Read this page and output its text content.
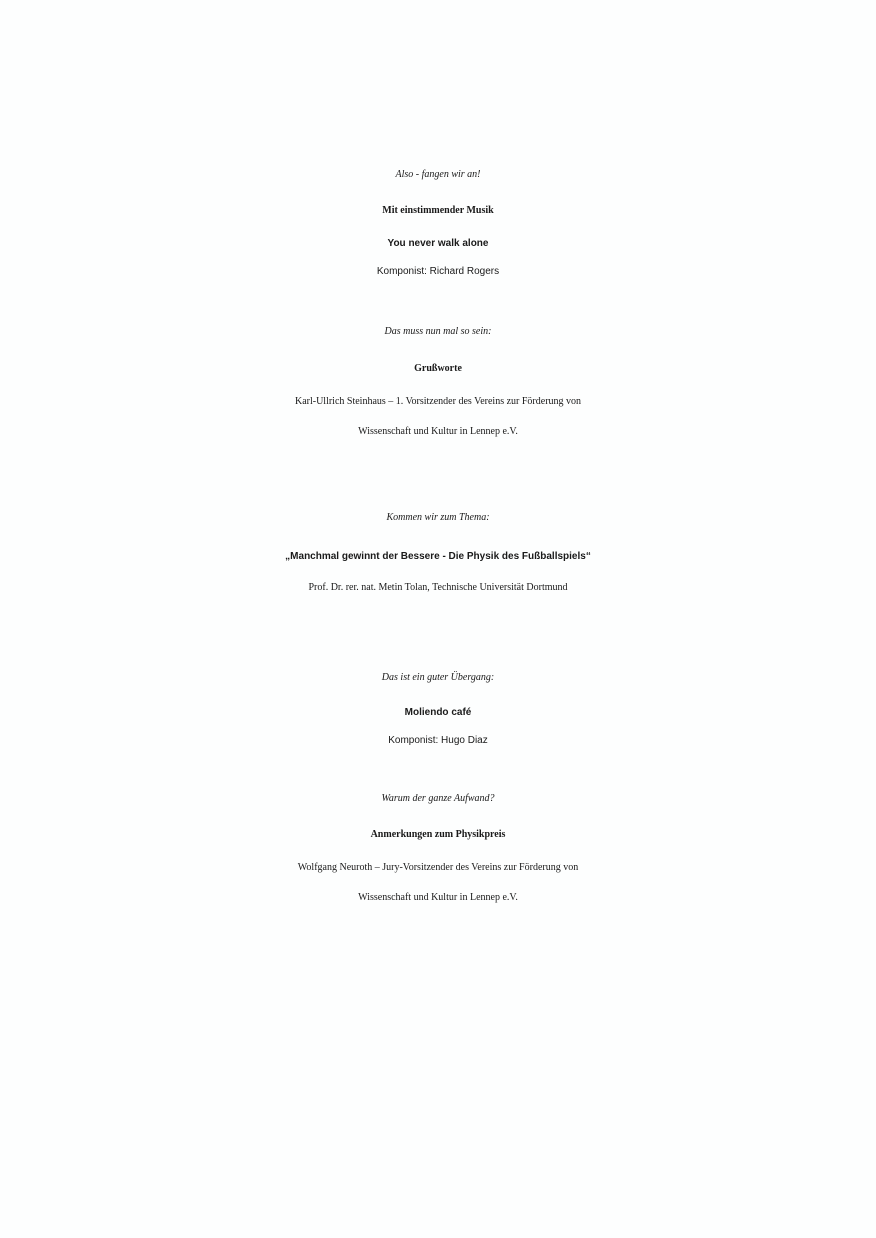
Also - fangen wir an!
Mit einstimmender Musik
You never walk alone
Komponist: Richard Rogers
Das muss nun mal so sein:
Grußworte
Karl-Ullrich Steinhaus – 1. Vorsitzender des Vereins zur Förderung von
Wissenschaft und Kultur in Lennep e.V.
Kommen wir zum Thema:
„Manchmal gewinnt der Bessere - Die Physik des Fußballspiels“
Prof. Dr. rer. nat. Metin Tolan, Technische Universität Dortmund
Das ist ein guter Übergang:
Moliendo café
Komponist: Hugo Diaz
Warum der ganze Aufwand?
Anmerkungen zum Physikpreis
Wolfgang Neuroth – Jury-Vorsitzender des Vereins zur Förderung von
Wissenschaft und Kultur in Lennep e.V.
